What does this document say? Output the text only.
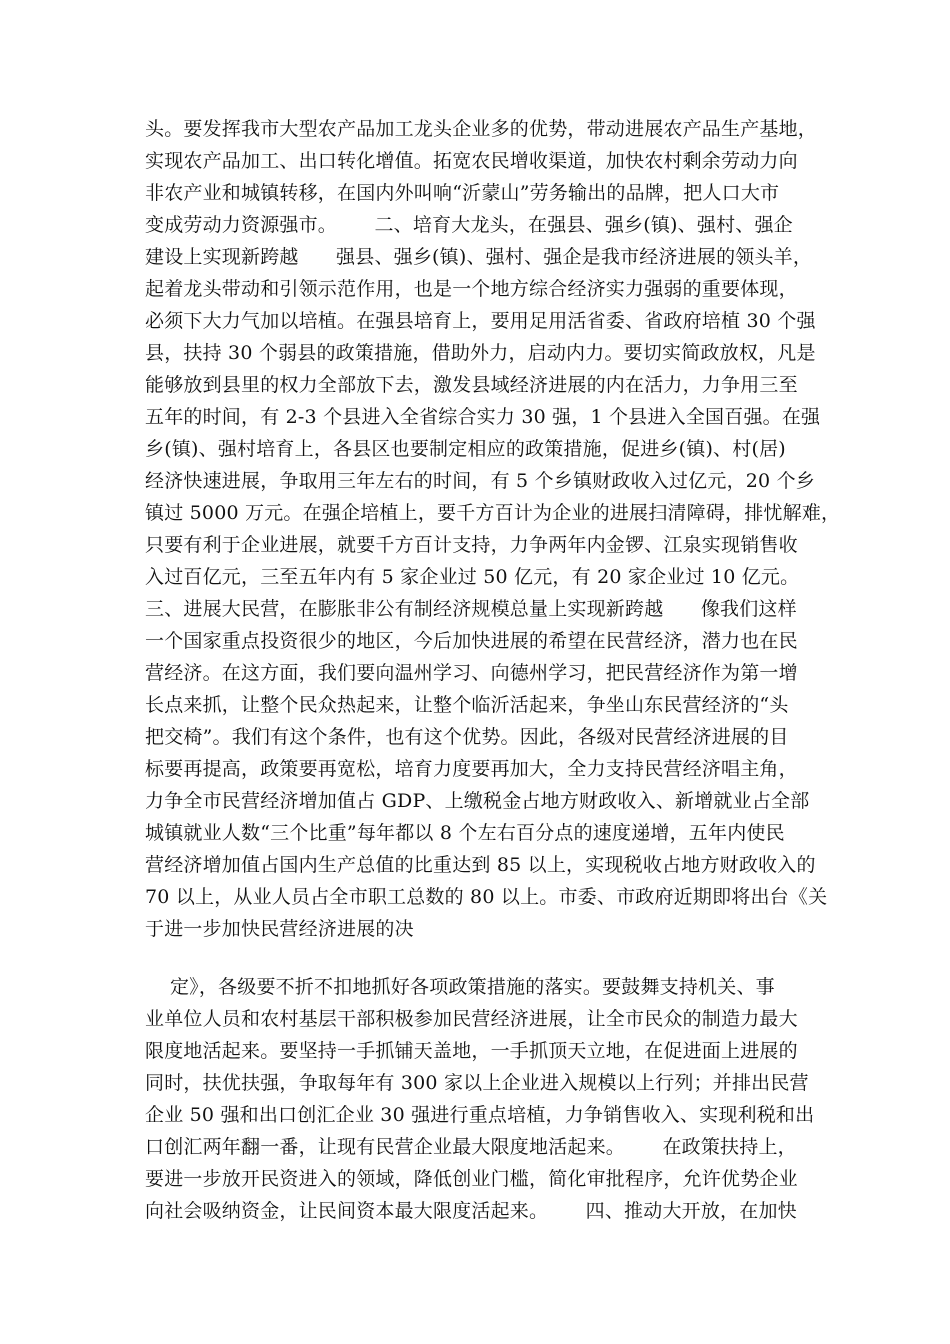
头。要发挥我市大型农产品加工龙头企业多的优势，带动进展农产品生产基地，
实现农产品加工、出口转化增值。拓宽农民增收渠道，加快农村剩余劳动力向
非农产业和城镇转移，在国内外叫响“沂蒙山”劳务输出的品牌，把人口大市
变成劳动力资源强市。      二、培育大龙头，在强县、强乡(镇)、强村、强企
建设上实现新跨越      强县、强乡(镇)、强村、强企是我市经济进展的领头羊，
起着龙头带动和引领示范作用，也是一个地方综合经济实力强弱的重要体现，
必须下大力气加以培植。在强县培育上，要用足用活省委、省政府培植 30 个强
县，扶持 30 个弱县的政策措施，借助外力，启动内力。要切实简政放权，凡是
能够放到县里的权力全部放下去，激发县域经济进展的内在活力，力争用三至
五年的时间，有 2-3 个县进入全省综合实力 30 强，1 个县进入全国百强。在强
乡(镇)、强村培育上，各县区也要制定相应的政策措施，促进乡(镇)、村(居)
经济快速进展，争取用三年左右的时间，有 5 个乡镇财政收入过亿元，20 个乡
镇过 5000 万元。在强企培植上，要千方百计为企业的进展扫清障碍，排忧解难，
只要有利于企业进展，就要千方百计支持，力争两年内金锣、江泉实现销售收
入过百亿元，三至五年内有 5 家企业过 50 亿元，有 20 家企业过 10 亿元。
三、进展大民营，在膨胀非公有制经济规模总量上实现新跨越      像我们这样
一个国家重点投资很少的地区，今后加快进展的希望在民营经济，潜力也在民
营经济。在这方面，我们要向温州学习、向德州学习，把民营经济作为第一增
长点来抓，让整个民众热起来，让整个临沂活起来，争坐山东民营经济的“头
把交椅”。我们有这个条件，也有这个优势。因此，各级对民营经济进展的目
标要再提高，政策要再宽松，培育力度要再加大，全力支持民营经济唱主角，
力争全市民营经济增加值占 GDP、上缴税金占地方财政收入、新增就业占全部
城镇就业人数“三个比重”每年都以 8 个左右百分点的速度递增，五年内使民
营经济增加值占国内生产总值的比重达到 85 以上，实现税收占地方财政收入的
70 以上，从业人员占全市职工总数的 80 以上。市委、市政府近期即将出台《关
于进一步加快民营经济进展的决
定》，各级要不折不扣地抓好各项政策措施的落实。要鼓舞支持机关、事
业单位人员和农村基层干部积极参加民营经济进展，让全市民众的制造力最大
限度地活起来。要坚持一手抓铺天盖地，一手抓顶天立地，在促进面上进展的
同时，扶优扶强，争取每年有 300 家以上企业进入规模以上行列；并排出民营
企业 50 强和出口创汇企业 30 强进行重点培植，力争销售收入、实现利税和出
口创汇两年翻一番，让现有民营企业最大限度地活起来。      在政策扶持上，
要进一步放开民资进入的领域，降低创业门槛，简化审批程序，允许优势企业
向社会吸纳资金，让民间资本最大限度活起来。      四、推动大开放，在加快
